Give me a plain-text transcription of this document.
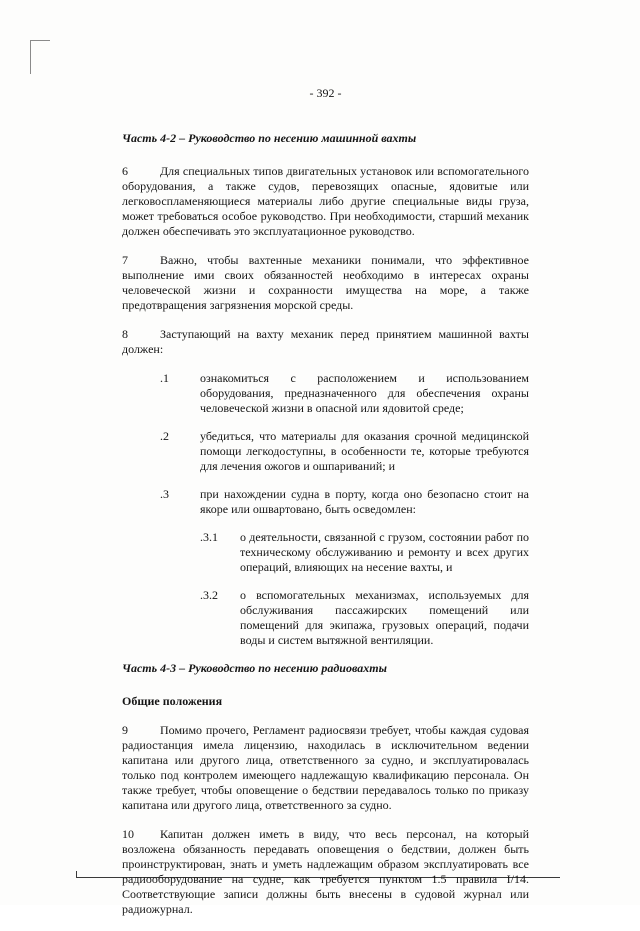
- 392 -
Часть 4-2 – Руководство по несению машинной вахты
6	Для специальных типов двигательных установок или вспомогательного оборудования, а также судов, перевозящих опасные, ядовитые или легковоспламеняющиеся материалы либо другие специальные виды груза, может требоваться особое руководство. При необходимости, старший механик должен обеспечивать это эксплуатационное руководство.
7	Важно, чтобы вахтенные механики понимали, что эффективное выполнение ими своих обязанностей необходимо в интересах охраны человеческой жизни и сохранности имущества на море, а также предотвращения загрязнения морской среды.
8	Заступающий на вахту механик перед принятием машинной вахты должен:
.1	ознакомиться с расположением и использованием оборудования, предназначенного для обеспечения охраны человеческой жизни в опасной или ядовитой среде;
.2	убедиться, что материалы для оказания срочной медицинской помощи легкодоступны, в особенности те, которые требуются для лечения ожогов и ошпариваний; и
.3	при нахождении судна в порту, когда оно безопасно стоит на якоре или ошвартовано, быть осведомлен:
.3.1	о деятельности, связанной с грузом, состоянии работ по техническому обслуживанию и ремонту и всех других операций, влияющих на несение вахты, и
.3.2	о вспомогательных механизмах, используемых для обслуживания пассажирских помещений или помещений для экипажа, грузовых операций, подачи воды и систем вытяжной вентиляции.
Часть 4-3 – Руководство по несению радиовахты
Общие положения
9	Помимо прочего, Регламент радиосвязи требует, чтобы каждая судовая радиостанция имела лицензию, находилась в исключительном ведении капитана или другого лица, ответственного за судно, и эксплуатировалась только под контролем имеющего надлежащую квалификацию персонала. Он также требует, чтобы оповещение о бедствии передавалось только по приказу капитана или другого лица, ответственного за судно.
10 Капитан должен иметь в виду, что весь персонал, на который возложена обязанность передавать оповещения о бедствии, должен быть проинструктирован, знать и уметь надлежащим образом эксплуатировать все радиооборудование на судне, как требуется пунктом 1.5 правила I/14. Соответствующие записи должны быть внесены в судовой журнал или радиожурнал.
